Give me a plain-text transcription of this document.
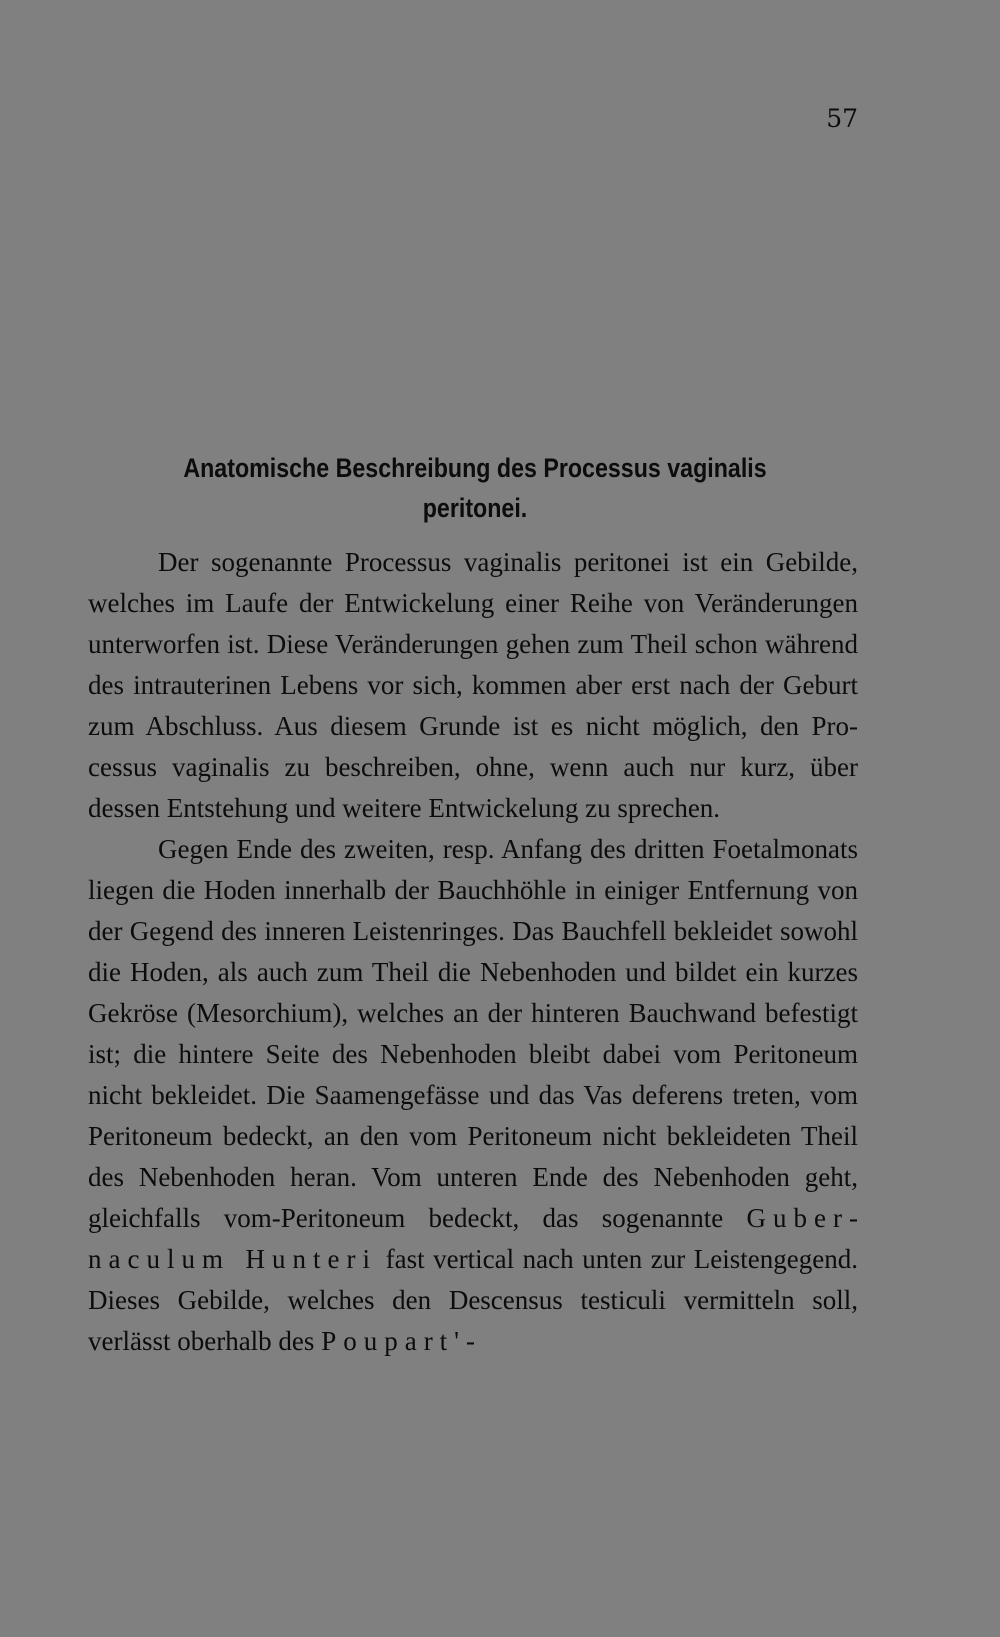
57
Anatomische Beschreibung des Processus vaginalis
peritonei.

Der sogenannte Processus vaginalis peritonei ist ein Gebilde, welches im Laufe der Entwickelung einer Reihe von Veränderungen unterworfen ist. Diese Veränderungen gehen zum Theil schon während des intrauterinen Lebens vor sich, kommen aber erst nach der Geburt zum Abschluss. Aus diesem Grunde ist es nicht möglich, den Processus vaginalis zu beschreiben, ohne, wenn auch nur kurz, über dessen Entstehung und weitere Entwickelung zu sprechen.

Gegen Ende des zweiten, resp. Anfang des dritten Foetalmonats liegen die Hoden innerhalb der Bauchhöhle in einiger Entfernung von der Gegend des inneren Leistenringes. Das Bauchfell bekleidet sowohl die Hoden, als auch zum Theil die Nebenhoden und bildet ein kurzes Gekröse (Mesorchium), welches an der hinteren Bauchwand befestigt ist; die hintere Seite des Nebenhoden bleibt dabei vom Peritoneum nicht bekleidet. Die Saamengefässe und das Vas deferens treten, vom Peritoneum bedeckt, an den vom Peritoneum nicht bekleideten Theil des Nebenhoden heran. Vom unteren Ende des Nebenhoden geht, gleichfalls vom-Peritoneum bedeckt, das sogenannte Gubernaculum Hunteri fast vertical nach unten zur Leistengegend. Dieses Gebilde, welches den Descensus testiculi vermitteln soll, verlässt oberhalb des Poupart'-
